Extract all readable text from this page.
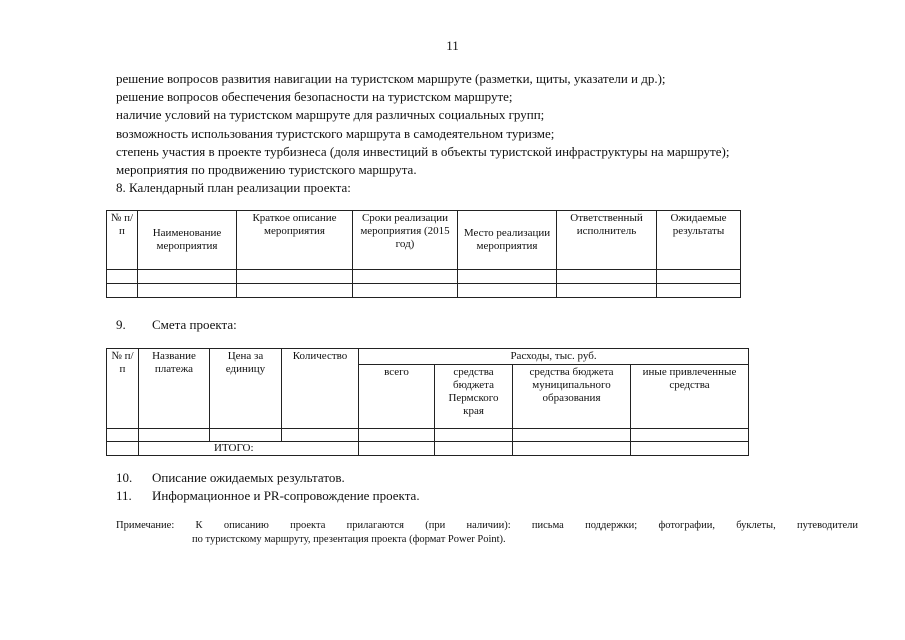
11
решение вопросов развития навигации на туристском маршруте (разметки, щиты, указатели и др.);
решение вопросов обеспечения безопасности на туристском маршруте;
наличие условий на туристском маршруте для различных социальных групп;
возможность использования туристского маршрута в самодеятельном туризме;
степень участия в проекте турбизнеса (доля инвестиций в объекты туристской инфраструктуры на маршруте);
мероприятия по продвижению туристского маршрута.
8. Календарный план реализации проекта:
№ п/п	Наименование мероприятия	Краткое описание мероприятия	Сроки реализации мероприятия (2015 год)	Место реализации мероприятия	Ответственный исполнитель	Ожидаемые результаты

9. Смета проекта:
№ п/п	Название платежа	Цена за единицу	Количество	Расходы, тыс. руб.			
				всего	средства бюджета Пермского края	средства бюджета муниципального образования	иные привлеченные средства

	ИТОГО:						
10. Описание ожидаемых результатов.
11. Информационное и PR-сопровождение проекта.
Примечание: К описанию проекта прилагаются (при наличии): письма поддержки; фотографии, буклеты, путеводители
по туристскому маршруту, презентация проекта (формат Power Point).
